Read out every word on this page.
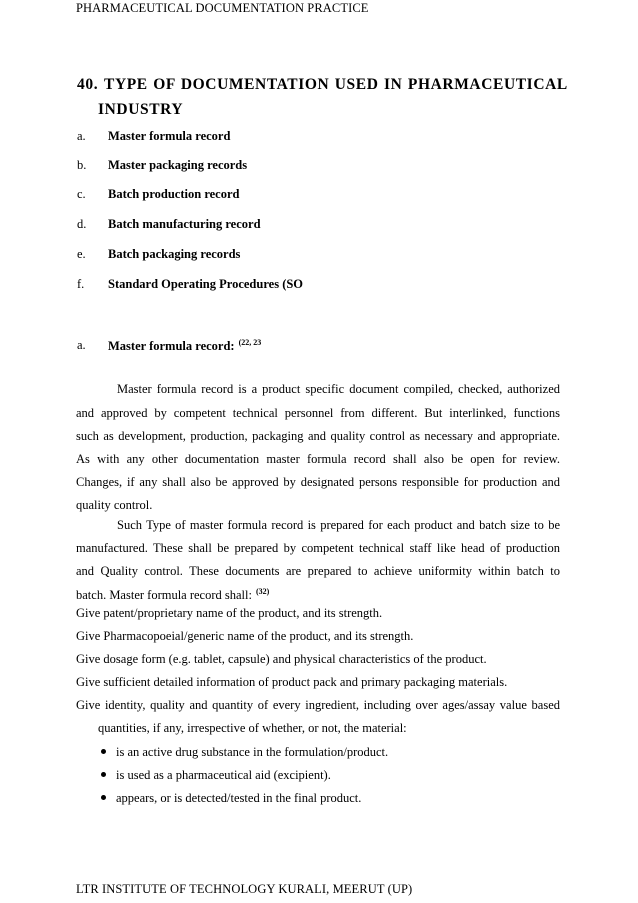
PHARMACEUTICAL DOCUMENTATION PRACTICE
40. TYPE OF DOCUMENTATION USED IN PHARMACEUTICAL
INDUSTRY
a. Master formula record
b. Master packaging records
c. Batch production record
d. Batch manufacturing record
e. Batch packaging records
f. Standard Operating Procedures (SO
a. Master formula record: $^{(22, 23}$
Master formula record is a product specific document compiled, checked, authorized
and approved by competent technical personnel from different. But interlinked, functions
such as development, production, packaging and quality control as necessary and appropriate.
As with any other documentation master formula record shall also be open for review.
Changes, if any shall also be approved by designated persons responsible for production and
quality control.
Such Type of master formula record is prepared for each product and batch size to be
manufactured. These shall be prepared by competent technical staff like head of production
and Quality control. These documents are prepared to achieve uniformity within batch to
batch. Master formula record shall: $^{(32)}$
Give patent/proprietary name of the product, and its strength.
Give Pharmacopoeial/generic name of the product, and its strength.
Give dosage form (e.g. tablet, capsule) and physical characteristics of the product.
Give sufficient detailed information of product pack and primary packaging materials.
Give identity, quality and quantity of every ingredient, including over ages/assay value based
quantities, if any, irrespective of whether, or not, the material:
is an active drug substance in the formulation/product.
is used as a pharmaceutical aid (excipient).
appears, or is detected/tested in the final product.
LTR INSTITUTE OF TECHNOLOGY KURALI, MEERUT (UP)
